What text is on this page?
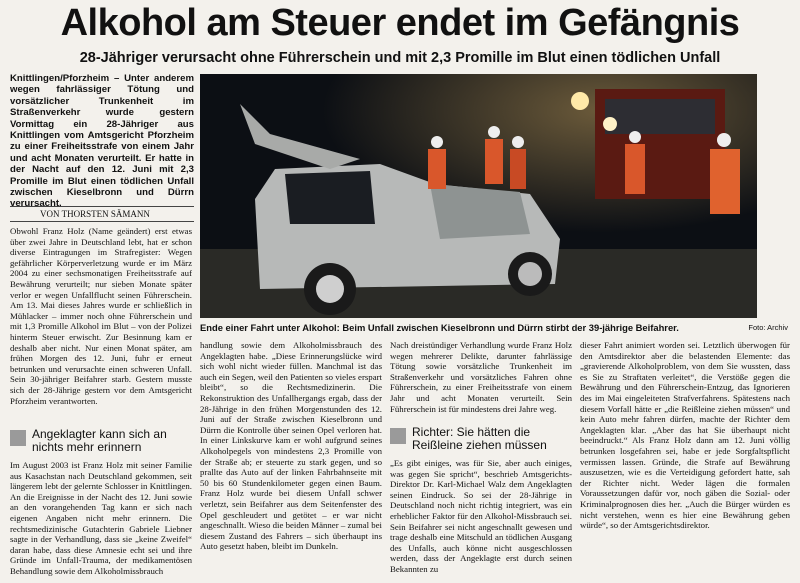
Alkohol am Steuer endet im Gefängnis
28-Jähriger verursacht ohne Führerschein und mit 2,3 Promille im Blut einen tödlichen Unfall
Knittlingen/Pforzheim – Unter anderem wegen fahrlässiger Tötung und vorsätzlicher Trunkenheit im Straßenverkehr wurde gestern Vormittag ein 28-Jähriger aus Knittlingen vom Amtsgericht Pforzheim zu einer Freiheitsstrafe von einem Jahr und acht Monaten verurteilt. Er hatte in der Nacht auf den 12. Juni mit 2,3 Promille im Blut einen tödlichen Unfall zwischen Kieselbronn und Dürrn verursacht.
VON THORSTEN SÄMANN

Obwohl Franz Holz (Name geändert) erst etwas über zwei Jahre in Deutschland lebt, hat er schon diverse Eintragungen im Strafregister: Wegen gefährlicher Körperverletzung wurde er im März 2004 zu einer sechsmonatigen Freiheitsstrafe auf Bewährung verurteilt; nur sieben Monate später verlor er wegen Unfallflucht seinen Führerschein. Am 13. Mai dieses Jahres wurde er schließlich in Mühlacker – immer noch ohne Führerschein und mit 1,3 Promille Alkohol im Blut – von der Polizei hinterm Steuer erwischt. Zur Besinnung kam er deshalb aber nicht. Nur einen Monat später, am frühen Morgen des 12. Juni, fuhr er erneut betrunken und verursachte einen schweren Unfall. Sein 30-jähriger Beifahrer starb. Gestern musste sich der 28-Jährige gestern vor dem Amtsgericht Pforzheim verantworten.

Angeklagter kann sich an nichts mehr erinnern

Im August 2003 ist Franz Holz mit seiner Familie aus Kasachstan nach Deutschland gekommen, seit längerem lebt der gelernte Schlosser in Knittlingen. An die Ereignisse in der Nacht des 12. Juni sowie an den vorangehenden Tag kann er sich nach eigenen Angaben nicht mehr erinnern. Die rechtsmedizinische Gutachterin Gabriele Liebner sagte in der Verhandlung, dass sie „keine Zweifel“ daran habe, dass diese Amnesie echt sei und ihre Gründe im Unfall-Trauma, der medikamentösen Behandlung sowie dem Alkoholmissbrauch

Ende einer Fahrt unter Alkohol: Beim Unfall zwischen Kieselbronn und Dürrn stirbt der 39-jährige Beifahrer.	Foto: Archiv

handlung sowie dem Alkoholmissbrauch des Angeklagten habe. „Diese Erinnerungslücke wird sich wohl nicht wieder füllen. Manchmal ist das auch ein Segen, weil den Patienten so vieles erspart bleibt“, so die Rechtsmedizinerin. Die Rekonstruktion des Unfallhergangs ergab, dass der 28-Jährige in den frühen Morgenstunden des 12. Juni auf der Straße zwischen Kieselbronn und Dürrn die Kontrolle über seinen Opel verloren hat. In einer Linkskurve kam er wohl aufgrund seines Alkoholpegels von mindestens 2,3 Promille von der Straße ab; er steuerte zu stark gegen, und so prallte das Auto auf der linken Fahrbahnseite mit 50 bis 60 Stundenkilometer gegen einen Baum. Franz Holz wurde bei diesem Unfall schwer verletzt, sein Beifahrer aus dem Seitenfenster des Opel geschleudert und getötet – er war nicht angeschnallt. Wieso die beiden Männer – zumal bei diesem Zustand des Fahrers – sich überhaupt ins Auto gesetzt haben, bleibt im Dunkeln.

Nach dreistündiger Verhandlung wurde Franz Holz wegen mehrerer Delikte, darunter fahrlässige Tötung sowie vorsätzliche Trunkenheit im Straßenverkehr und vorsätzliches Fahren ohne Führerschein, zu einer Freiheitsstrafe von einem Jahr und acht Monaten verurteilt. Sein Führerschein ist für mindestens drei Jahre weg.

Richter: Sie hätten die Reißleine ziehen müssen

„Es gibt einiges, was für Sie, aber auch einiges, was gegen Sie spricht“, beschrieb Amtsgerichts-Direktor Dr. Karl-Michael Walz dem Angeklagten seinen Eindruck. So sei der 28-Jährige in Deutschland noch nicht richtig integriert, was ein erheblicher Faktor für den Alkohol-Missbrauch sei. Sein Beifahrer sei nicht angeschnallt gewesen und trage deshalb eine Mitschuld an tödlichen Ausgang des Unfalls, auch könne nicht ausgeschlossen werden, dass der Angeklagte erst durch seinen Bekannten zu

dieser Fahrt animiert worden sei. Letztlich überwogen für den Amtsdirektor aber die belastenden Elemente: das „gravierende Alkoholproblem, von dem Sie wussten, dass es Sie zu Straftaten verleitet“, die Verstöße gegen die Bewährung und den Führerschein-Entzug, das Ignorieren des im Mai eingeleiteten Strafverfahrens. Spätestens nach diesem Vorfall hätte er „die Reißleine ziehen müssen“ und kein Auto mehr fahren dürfen, machte der Richter dem Angeklagten klar. „Aber das hat Sie überhaupt nicht beeindruckt.“ Als Franz Holz dann am 12. Juni völlig betrunken losgefahren sei, habe er jede Sorgfaltspflicht vermissen lassen. Gründe, die Strafe auf Bewährung auszusetzen, wie es die Verteidigung gefordert hatte, sah der Richter nicht. Weder lägen die formalen Voraussetzungen dafür vor, noch gäben die Sozial- oder Kriminalprognosen dies her. „Auch die Bürger würden es nicht verstehen, wenn es hier eine Bewährung geben würde“, so der Amtsgerichtsdirektor.
